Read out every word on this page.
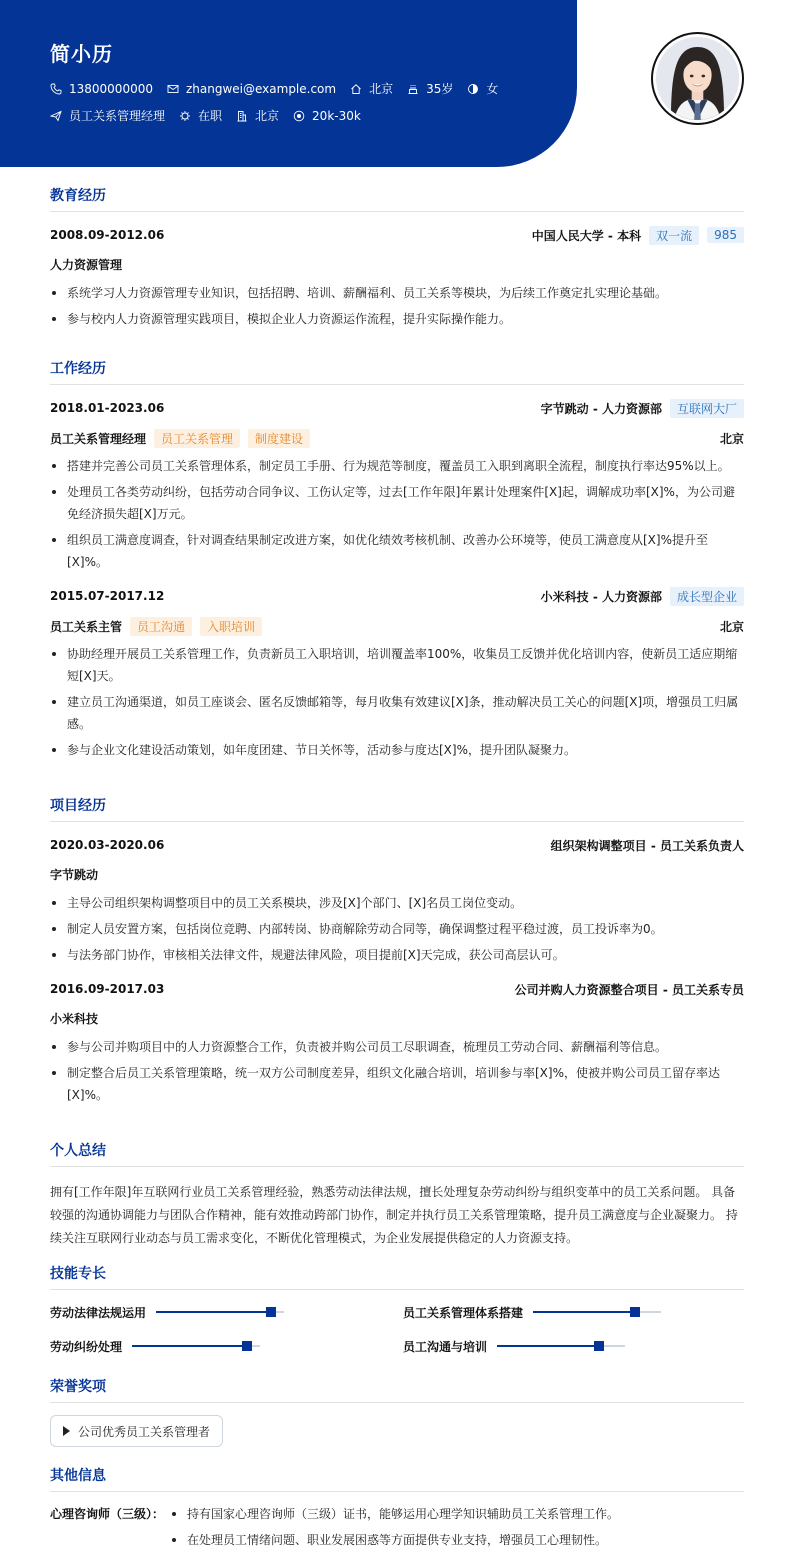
简小历
13800000000	zhangwei@example.com	北京	35岁	女
员工关系管理经理	在职	北京	20k-30k
教育经历
2008.09-2012.06	中国人民大学 - 本科	双一流	985
人力资源管理
系统学习人力资源管理专业知识，包括招聘、培训、薪酬福利、员工关系等模块，为后续工作奠定扎实理论基础。
参与校内人力资源管理实践项目，模拟企业人力资源运作流程，提升实际操作能力。
工作经历
2018.01-2023.06	字节跳动 - 人力资源部	互联网大厂
员工关系管理经理	员工关系管理	制度建设	北京
搭建并完善公司员工关系管理体系，制定员工手册、行为规范等制度，覆盖员工入职到离职全流程，制度执行率达95%以上。
处理员工各类劳动纠纷，包括劳动合同争议、工伤认定等，过去[工作年限]年累计处理案件[X]起，调解成功率[X]%，为公司避免经济损失超[X]万元。
组织员工满意度调查，针对调查结果制定改进方案，如优化绩效考核机制、改善办公环境等，使员工满意度从[X]%提升至[X]%。
2015.07-2017.12	小米科技 - 人力资源部	成长型企业
员工关系主管	员工沟通	入职培训	北京
协助经理开展员工关系管理工作，负责新员工入职培训，培训覆盖率100%，收集员工反馈并优化培训内容，使新员工适应期缩短[X]天。
建立员工沟通渠道，如员工座谈会、匿名反馈邮箱等，每月收集有效建议[X]条，推动解决员工关心的问题[X]项，增强员工归属感。
参与企业文化建设活动策划，如年度团建、节日关怀等，活动参与度达[X]%，提升团队凝聚力。
项目经历
2020.03-2020.06	组织架构调整项目 - 员工关系负责人
字节跳动
主导公司组织架构调整项目中的员工关系模块，涉及[X]个部门、[X]名员工岗位变动。
制定人员安置方案，包括岗位竞聘、内部转岗、协商解除劳动合同等，确保调整过程平稳过渡，员工投诉率为0。
与法务部门协作，审核相关法律文件，规避法律风险，项目提前[X]天完成，获公司高层认可。
2016.09-2017.03	公司并购人力资源整合项目 - 员工关系专员
小米科技
参与公司并购项目中的人力资源整合工作，负责被并购公司员工尽职调查，梳理员工劳动合同、薪酬福利等信息。
制定整合后员工关系管理策略，统一双方公司制度差异，组织文化融合培训，培训参与率[X]%，使被并购公司员工留存率达[X]%。
个人总结
拥有[工作年限]年互联网行业员工关系管理经验，熟悉劳动法律法规，擅长处理复杂劳动纠纷与组织变革中的员工关系问题。 具备较强的沟通协调能力与团队合作精神，能有效推动跨部门协作，制定并执行员工关系管理策略，提升员工满意度与企业凝聚力。 持续关注互联网行业动态与员工需求变化，不断优化管理模式，为企业发展提供稳定的人力资源支持。
技能专长
劳动法律法规运用	员工关系管理体系搭建
劳动纠纷处理	员工沟通与培训
荣誉奖项
公司优秀员工关系管理者
其他信息
心理咨询师（三级）：	持有国家心理咨询师（三级）证书，能够运用心理学知识辅助员工关系管理工作。
在处理员工情绪问题、职业发展困惑等方面提供专业支持，增强员工心理韧性。
